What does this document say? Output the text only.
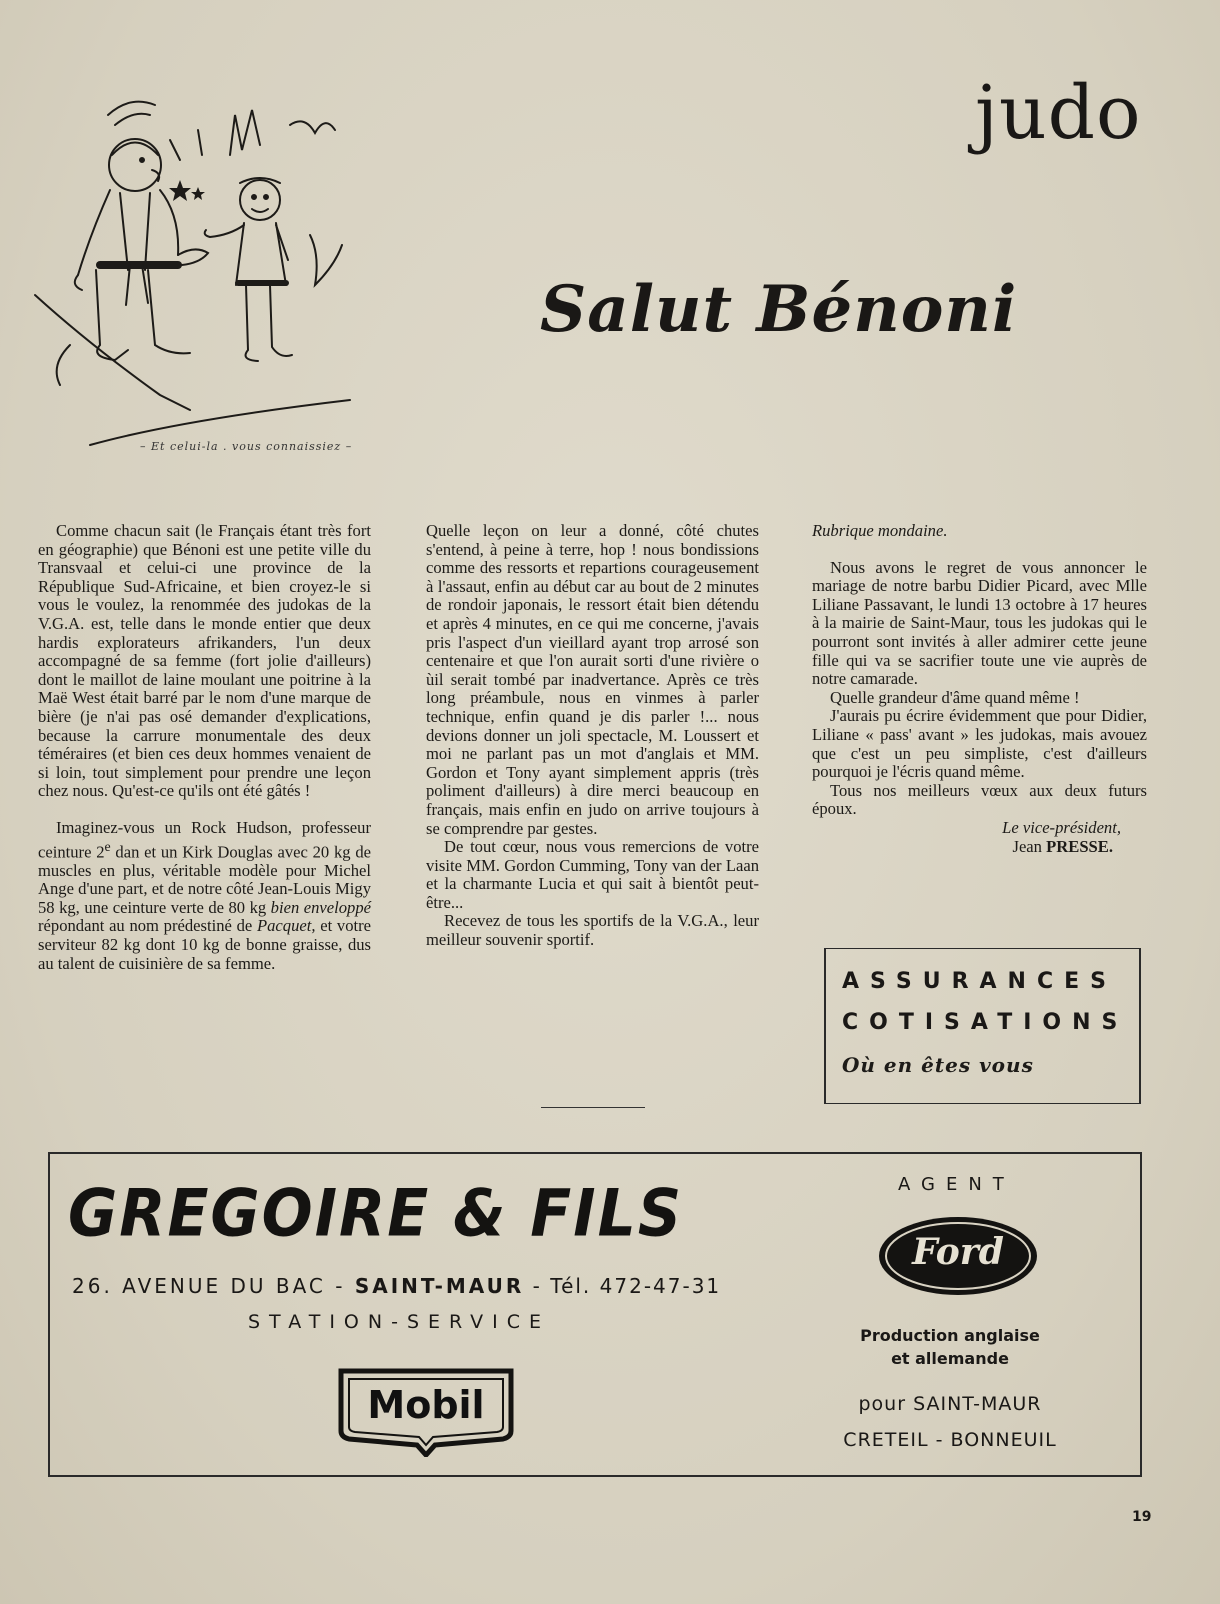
judo
Salut Bénoni
– Et celui-la . vous connaissiez –

Comme chacun sait (le Français étant très fort en géographie) que Bénoni est une petite ville du Transvaal et celui-ci une province de la République Sud-Africaine, et bien croyez-le si vous le voulez, la renommée des judokas de la V.G.A. est, telle dans le monde entier que deux hardis explorateurs afrikanders, l'un deux accompagné de sa femme (fort jolie d'ailleurs) dont le maillot de laine moulant une poitrine à la Maë West était barré par le nom d'une marque de bière (je n'ai pas osé demander d'explications, because la carrure monumentale des deux téméraires (et bien ces deux hommes venaient de si loin, tout simplement pour prendre une leçon chez nous. Qu'est-ce qu'ils ont été gâtés !

Imaginez-vous un Rock Hudson, professeur ceinture 2e dan et un Kirk Douglas avec 20 kg de muscles en plus, véritable modèle pour Michel Ange d'une part, et de notre côté Jean-Louis Migy 58 kg, une ceinture verte de 80 kg bien enveloppé répondant au nom prédestiné de Pacquet, et votre serviteur 82 kg dont 10 kg de bonne graisse, dus au talent de cuisinière de sa femme.

Quelle leçon on leur a donné, côté chutes s'entend, à peine à terre, hop ! nous bondissions comme des ressorts et repartions courageusement à l'assaut, enfin au début car au bout de 2 minutes de rondoir japonais, le ressort était bien détendu et après 4 minutes, en ce qui me concerne, j'avais pris l'aspect d'un vieillard ayant trop arrosé son centenaire et que l'on aurait sorti d'une rivière o ùil serait tombé par inadvertance. Après ce très long préambule, nous en vinmes à parler technique, enfin quand je dis parler !... nous devions donner un joli spectacle, M. Loussert et moi ne parlant pas un mot d'anglais et MM. Gordon et Tony ayant simplement appris (très poliment d'ailleurs) à dire merci beaucoup en français, mais enfin en judo on arrive toujours à se comprendre par gestes.

De tout cœur, nous vous remercions de votre visite MM. Gordon Cumming, Tony van der Laan et la charmante Lucia et qui sait à bientôt peut-être...

Recevez de tous les sportifs de la V.G.A., leur meilleur souvenir sportif.

Rubrique mondaine.

Nous avons le regret de vous annoncer le mariage de notre barbu Didier Picard, avec Mlle Liliane Passavant, le lundi 13 octobre à 17 heures à la mairie de Saint-Maur, tous les judokas qui le pourront sont invités à aller admirer cette jeune fille qui va se sacrifier toute une vie auprès de notre camarade.

Quelle grandeur d'âme quand même !

J'aurais pu écrire évidemment que pour Didier, Liliane « pass' avant » les judokas, mais avouez que c'est un peu simpliste, c'est d'ailleurs pourquoi je l'écris quand même.

Tous nos meilleurs vœux aux deux futurs époux.

Le vice-président,
Jean PRESSE.

ASSURANCES
COTISATIONS
Où en êtes vous
GREGOIRE & FILS
26. AVENUE DU BAC - SAINT-MAUR - Tél. 472-47-31
STATION-SERVICE
Mobil
AGENT
Ford
Production anglaise
et allemande
pour SAINT-MAUR
CRETEIL - BONNEUIL
19
